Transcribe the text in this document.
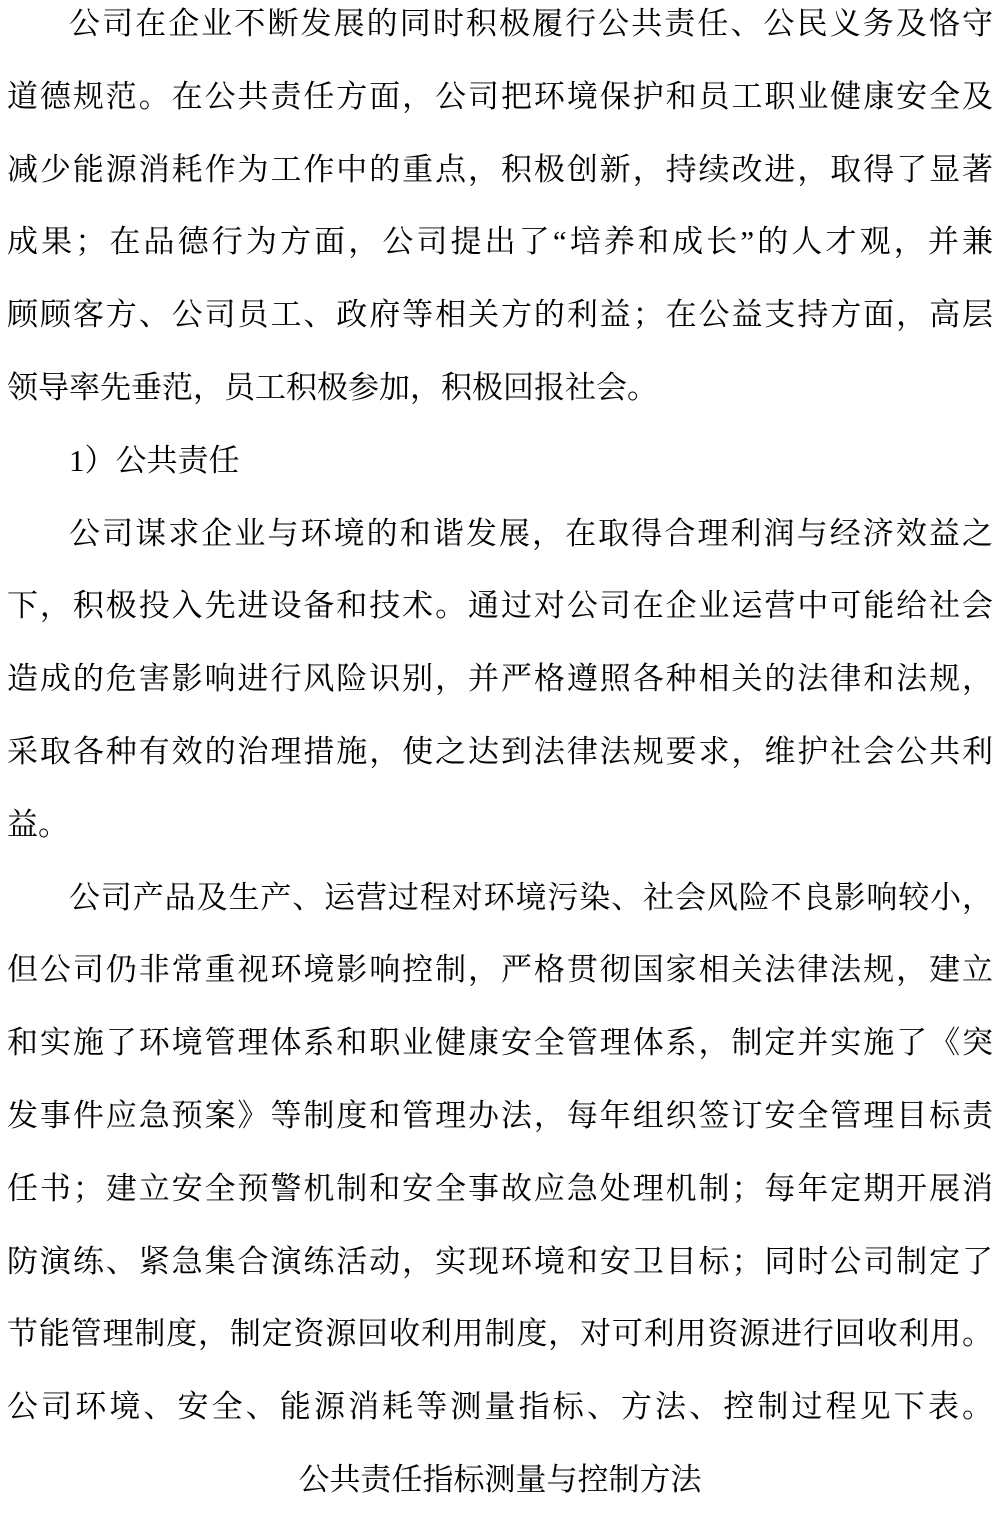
公司在企业不断发展的同时积极履行公共责任、公民义务及恪守
道德规范。在公共责任方面，公司把环境保护和员工职业健康安全及
减少能源消耗作为工作中的重点，积极创新，持续改进，取得了显著
成果；在品德行为方面，公司提出了“培养和成长”的人才观，并兼
顾顾客方、公司员工、政府等相关方的利益；在公益支持方面，高层
领导率先垂范，员工积极参加，积极回报社会。
1）公共责任
公司谋求企业与环境的和谐发展，在取得合理利润与经济效益之
下，积极投入先进设备和技术。通过对公司在企业运营中可能给社会
造成的危害影响进行风险识别，并严格遵照各种相关的法律和法规，
采取各种有效的治理措施，使之达到法律法规要求，维护社会公共利
益。
公司产品及生产、运营过程对环境污染、社会风险不良影响较小，
但公司仍非常重视环境影响控制，严格贯彻国家相关法律法规，建立
和实施了环境管理体系和职业健康安全管理体系，制定并实施了《突
发事件应急预案》等制度和管理办法，每年组织签订安全管理目标责
任书；建立安全预警机制和安全事故应急处理机制；每年定期开展消
防演练、紧急集合演练活动，实现环境和安卫目标；同时公司制定了
节能管理制度，制定资源回收利用制度，对可利用资源进行回收利用。
公司环境、安全、能源消耗等测量指标、方法、控制过程见下表。
公共责任指标测量与控制方法
